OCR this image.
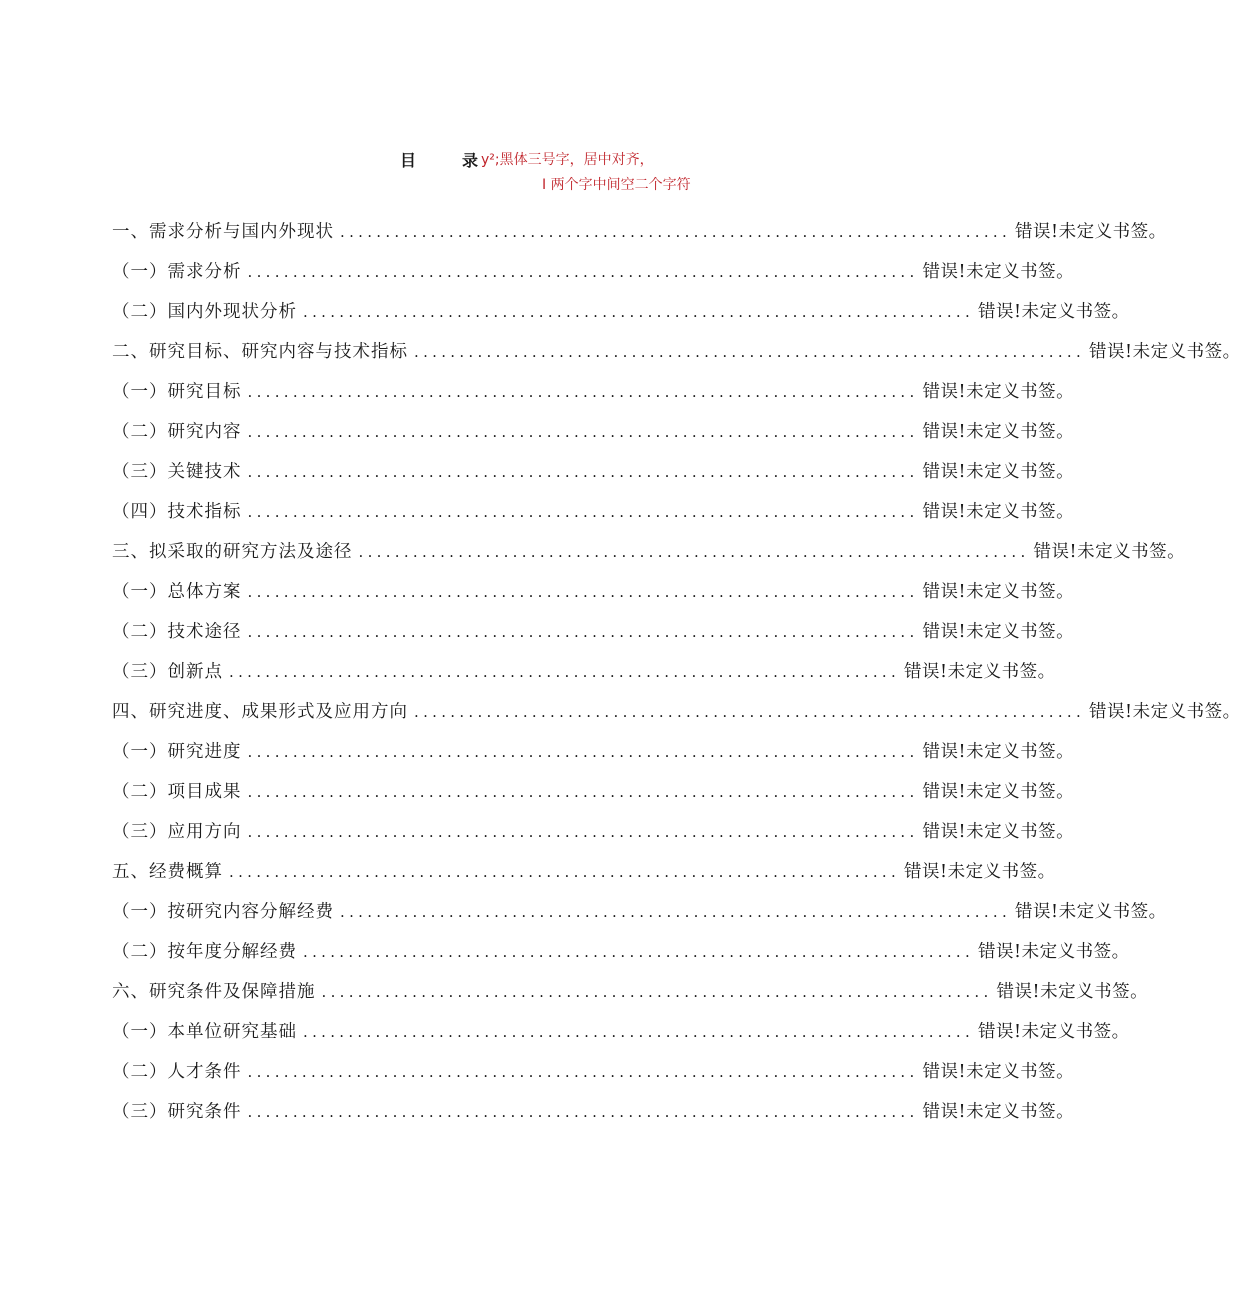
目	录 y²;黑体三号字，居中对齐，
I 两个字中间空二个字符
一、需求分析与国内外现状 .......................................................................... 错误!未定义书签。
（一）需求分析 .......................................................................... 错误!未定义书签。
（二）国内外现状分析 .......................................................................... 错误!未定义书签。
二、研究目标、研究内容与技术指标 .......................................................................... 错误!未定义书签。
（一）研究目标 .......................................................................... 错误!未定义书签。
（二）研究内容 .......................................................................... 错误!未定义书签。
（三）关键技术 .......................................................................... 错误!未定义书签。
（四）技术指标 .......................................................................... 错误!未定义书签。
三、拟采取的研究方法及途径 .......................................................................... 错误!未定义书签。
（一）总体方案 .......................................................................... 错误!未定义书签。
（二）技术途径 .......................................................................... 错误!未定义书签。
（三）创新点 .......................................................................... 错误!未定义书签。
四、研究进度、成果形式及应用方向 .......................................................................... 错误!未定义书签。
（一）研究进度 .......................................................................... 错误!未定义书签。
（二）项目成果 .......................................................................... 错误!未定义书签。
（三）应用方向 .......................................................................... 错误!未定义书签。
五、经费概算 .......................................................................... 错误!未定义书签。
（一）按研究内容分解经费 .......................................................................... 错误!未定义书签。
（二）按年度分解经费 .......................................................................... 错误!未定义书签。
六、研究条件及保障措施 .......................................................................... 错误!未定义书签。
（一）本单位研究基础 .......................................................................... 错误!未定义书签。
（二）人才条件 .......................................................................... 错误!未定义书签。
（三）研究条件 .......................................................................... 错误!未定义书签。
